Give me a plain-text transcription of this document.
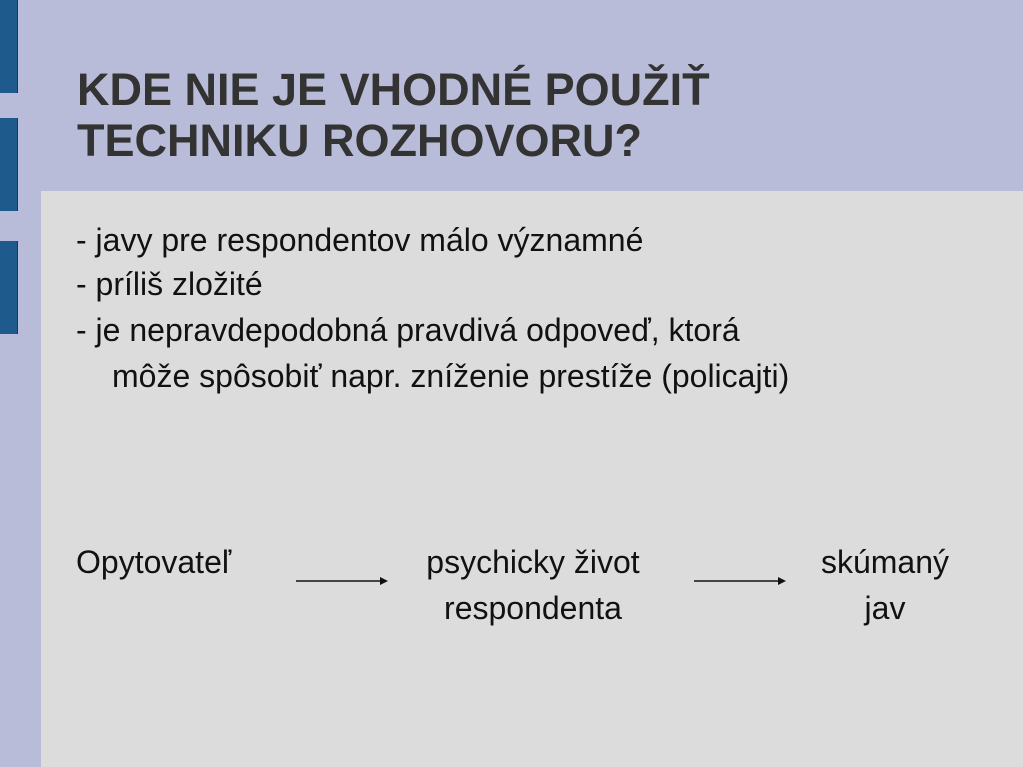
KDE NIE JE VHODNÉ POUŽIŤ
TECHNIKU ROZHOVORU?
- javy pre respondentov málo významné
- príliš zložité
- je nepravdepodobná pravdivá odpoveď, ktorá
môže spôsobiť napr. zníženie prestíže (policajti)
Opytovateľ	psychicky život
respondenta
skúmaný
jav
